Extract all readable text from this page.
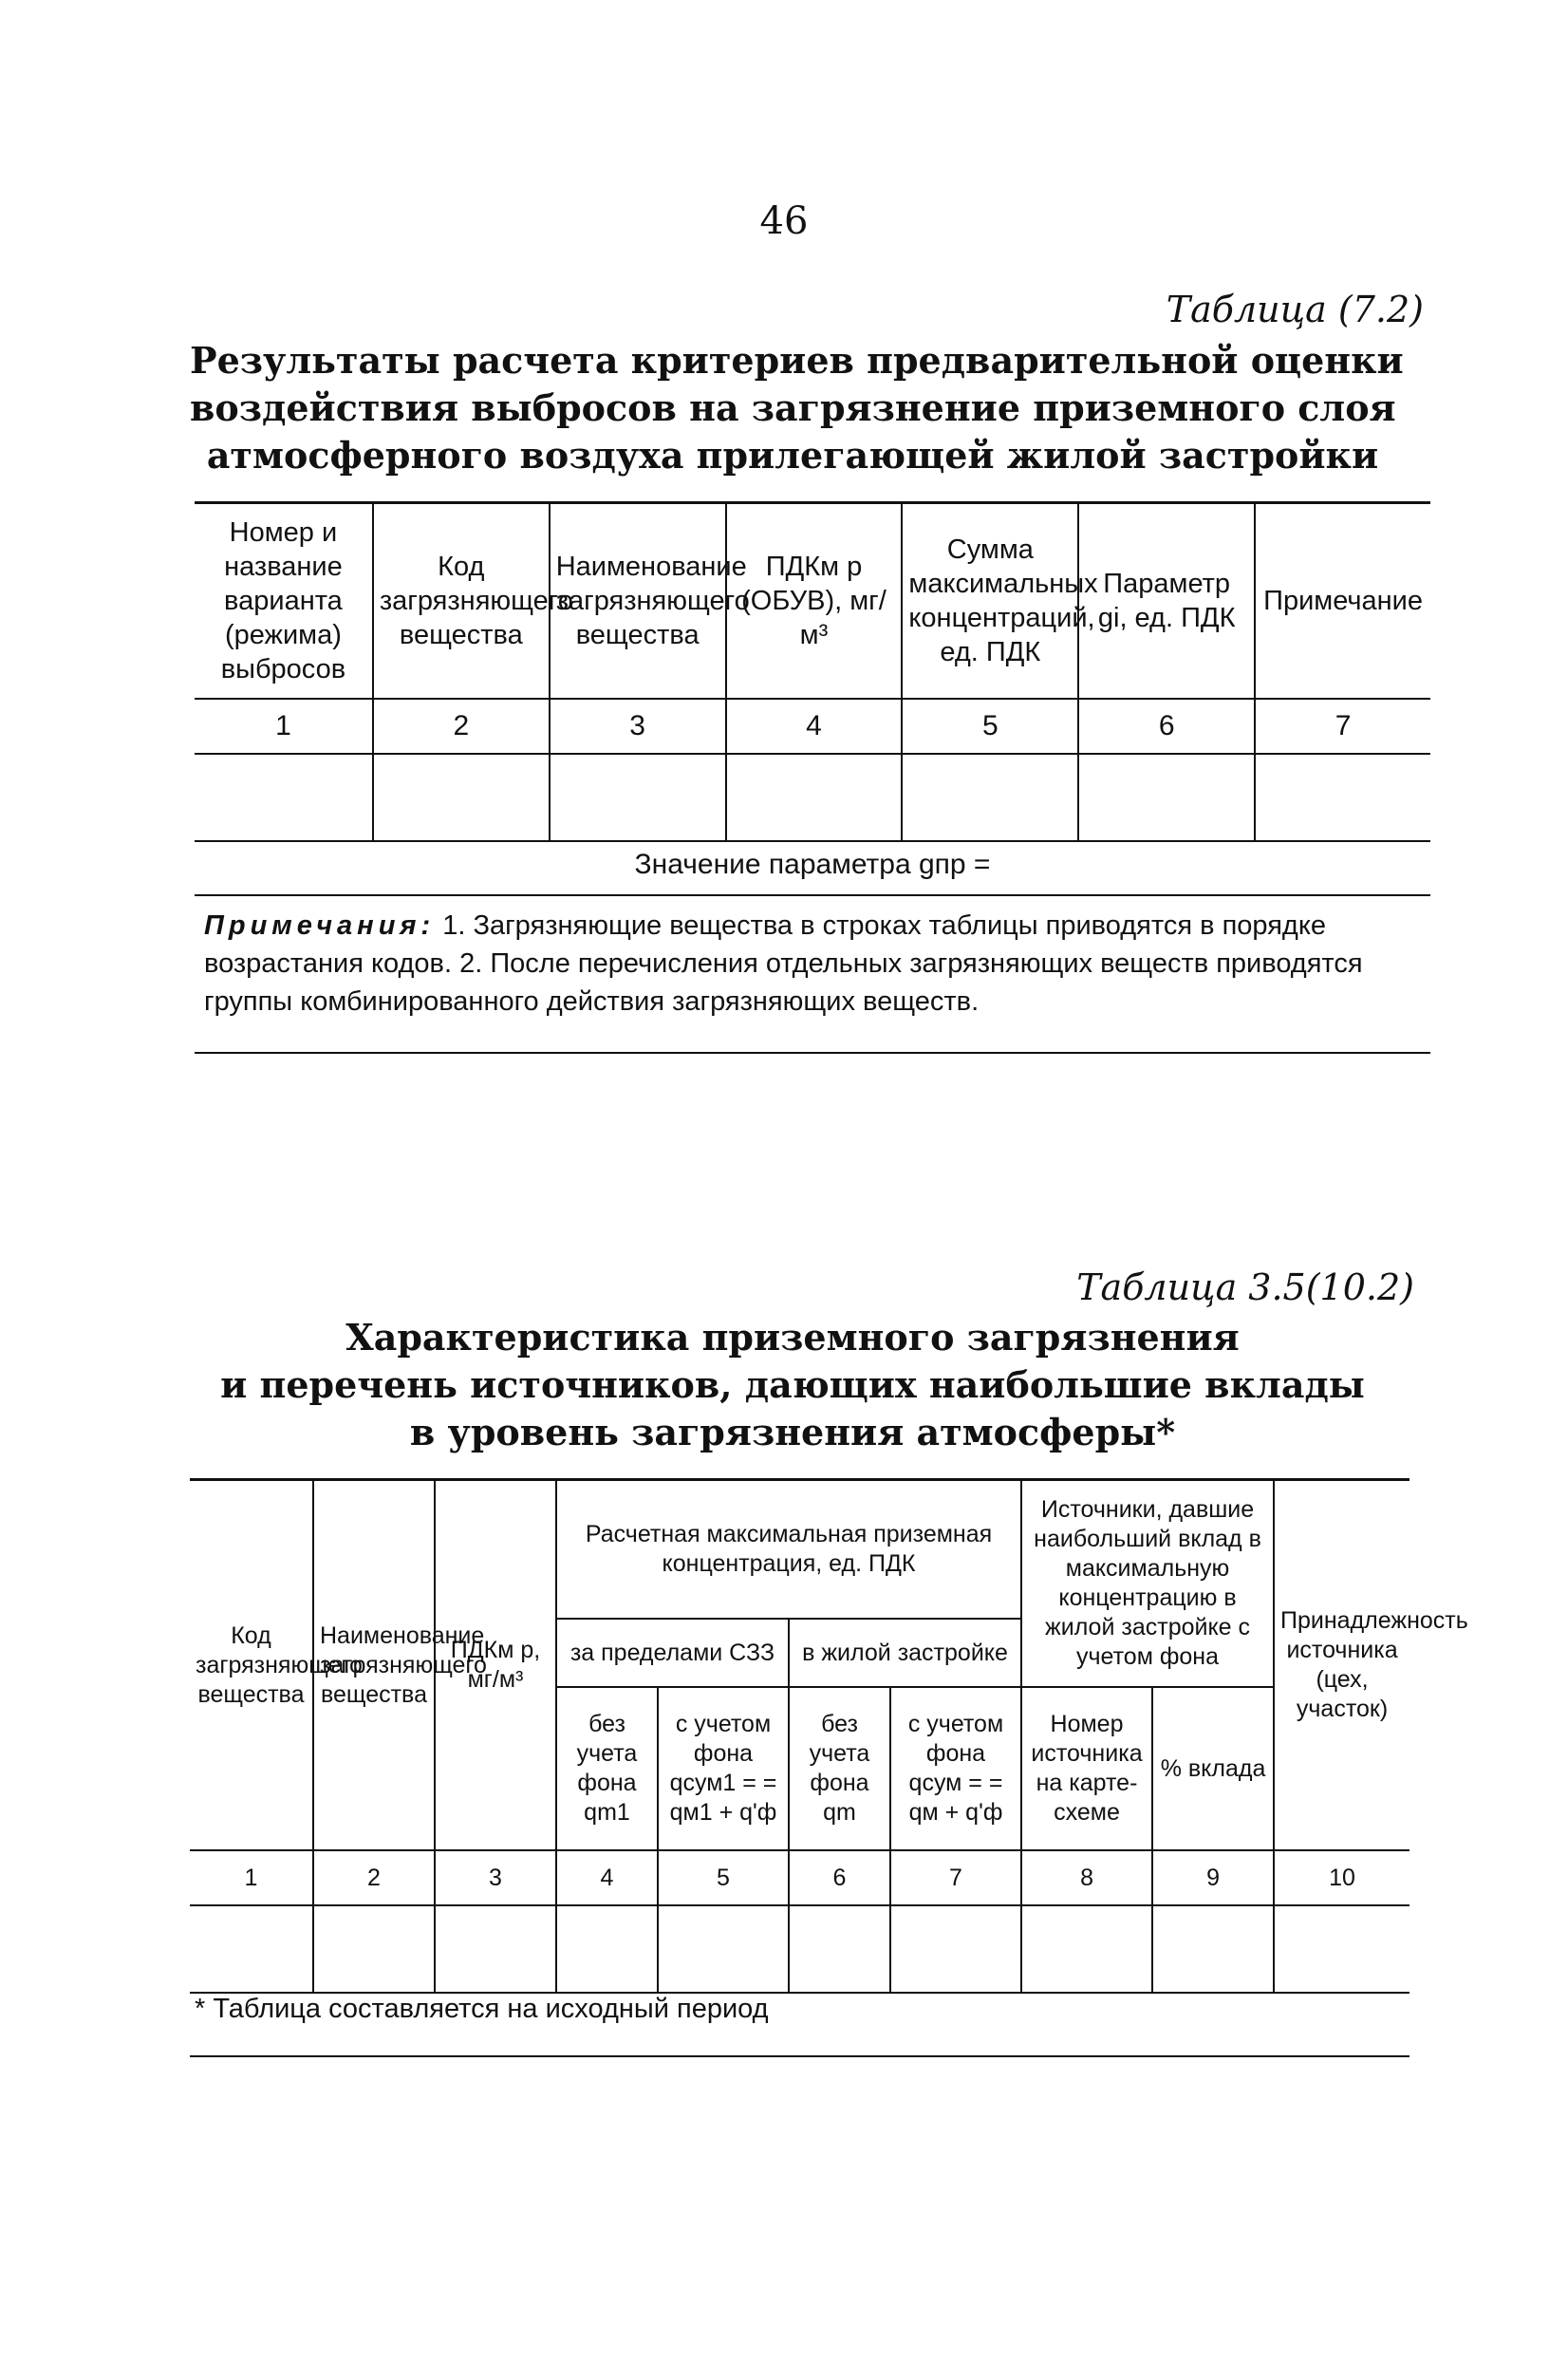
46
Таблица (7.2)
Результаты расчета критериев предварительной оценки
воздействия выбросов на загрязнение приземного слоя
атмосферного воздуха прилегающей жилой застройки
Номер и название варианта (режима) выбросов	Код загрязняющего вещества	Наименование загрязняющего вещества	ПДКм р (ОБУВ), мг/м³	Сумма максимальных концентраций, ед. ПДК	Параметр gi, ед. ПДК	Примечание
1	2	3	4	5	6	7

Значение параметра gпр =
Примечания: 1. Загрязняющие вещества в строках таблицы приводятся в порядке возрастания кодов. 2. После перечисления отдельных загрязняющих веществ приводятся группы комбинированного действия загрязняющих веществ.
Таблица 3.5(10.2)
Характеристика приземного загрязнения
и перечень источников, дающих наибольшие вклады
в уровень загрязнения атмосферы*
Код загрязняющего вещества	Наименование загрязняющего вещества	ПДКм р, мг/м³	Расчетная максимальная приземная концентрация, ед. ПДК				Источники, давшие наибольший вклад в максимальную концентрацию в жилой застройке с учетом фона		Принадлежность источника (цех, участок)
			за пределами СЗЗ		в жилой застройке				
			без учета фона qm1	с учетом фона qсум1 = = qм1 + q'ф	без учета фона qm	с учетом фона qсум = = qм + q'ф	Номер источника на карте-схеме	% вклада	
1	2	3	4	5	6	7	8	9	10

* Таблица составляется на исходный период
